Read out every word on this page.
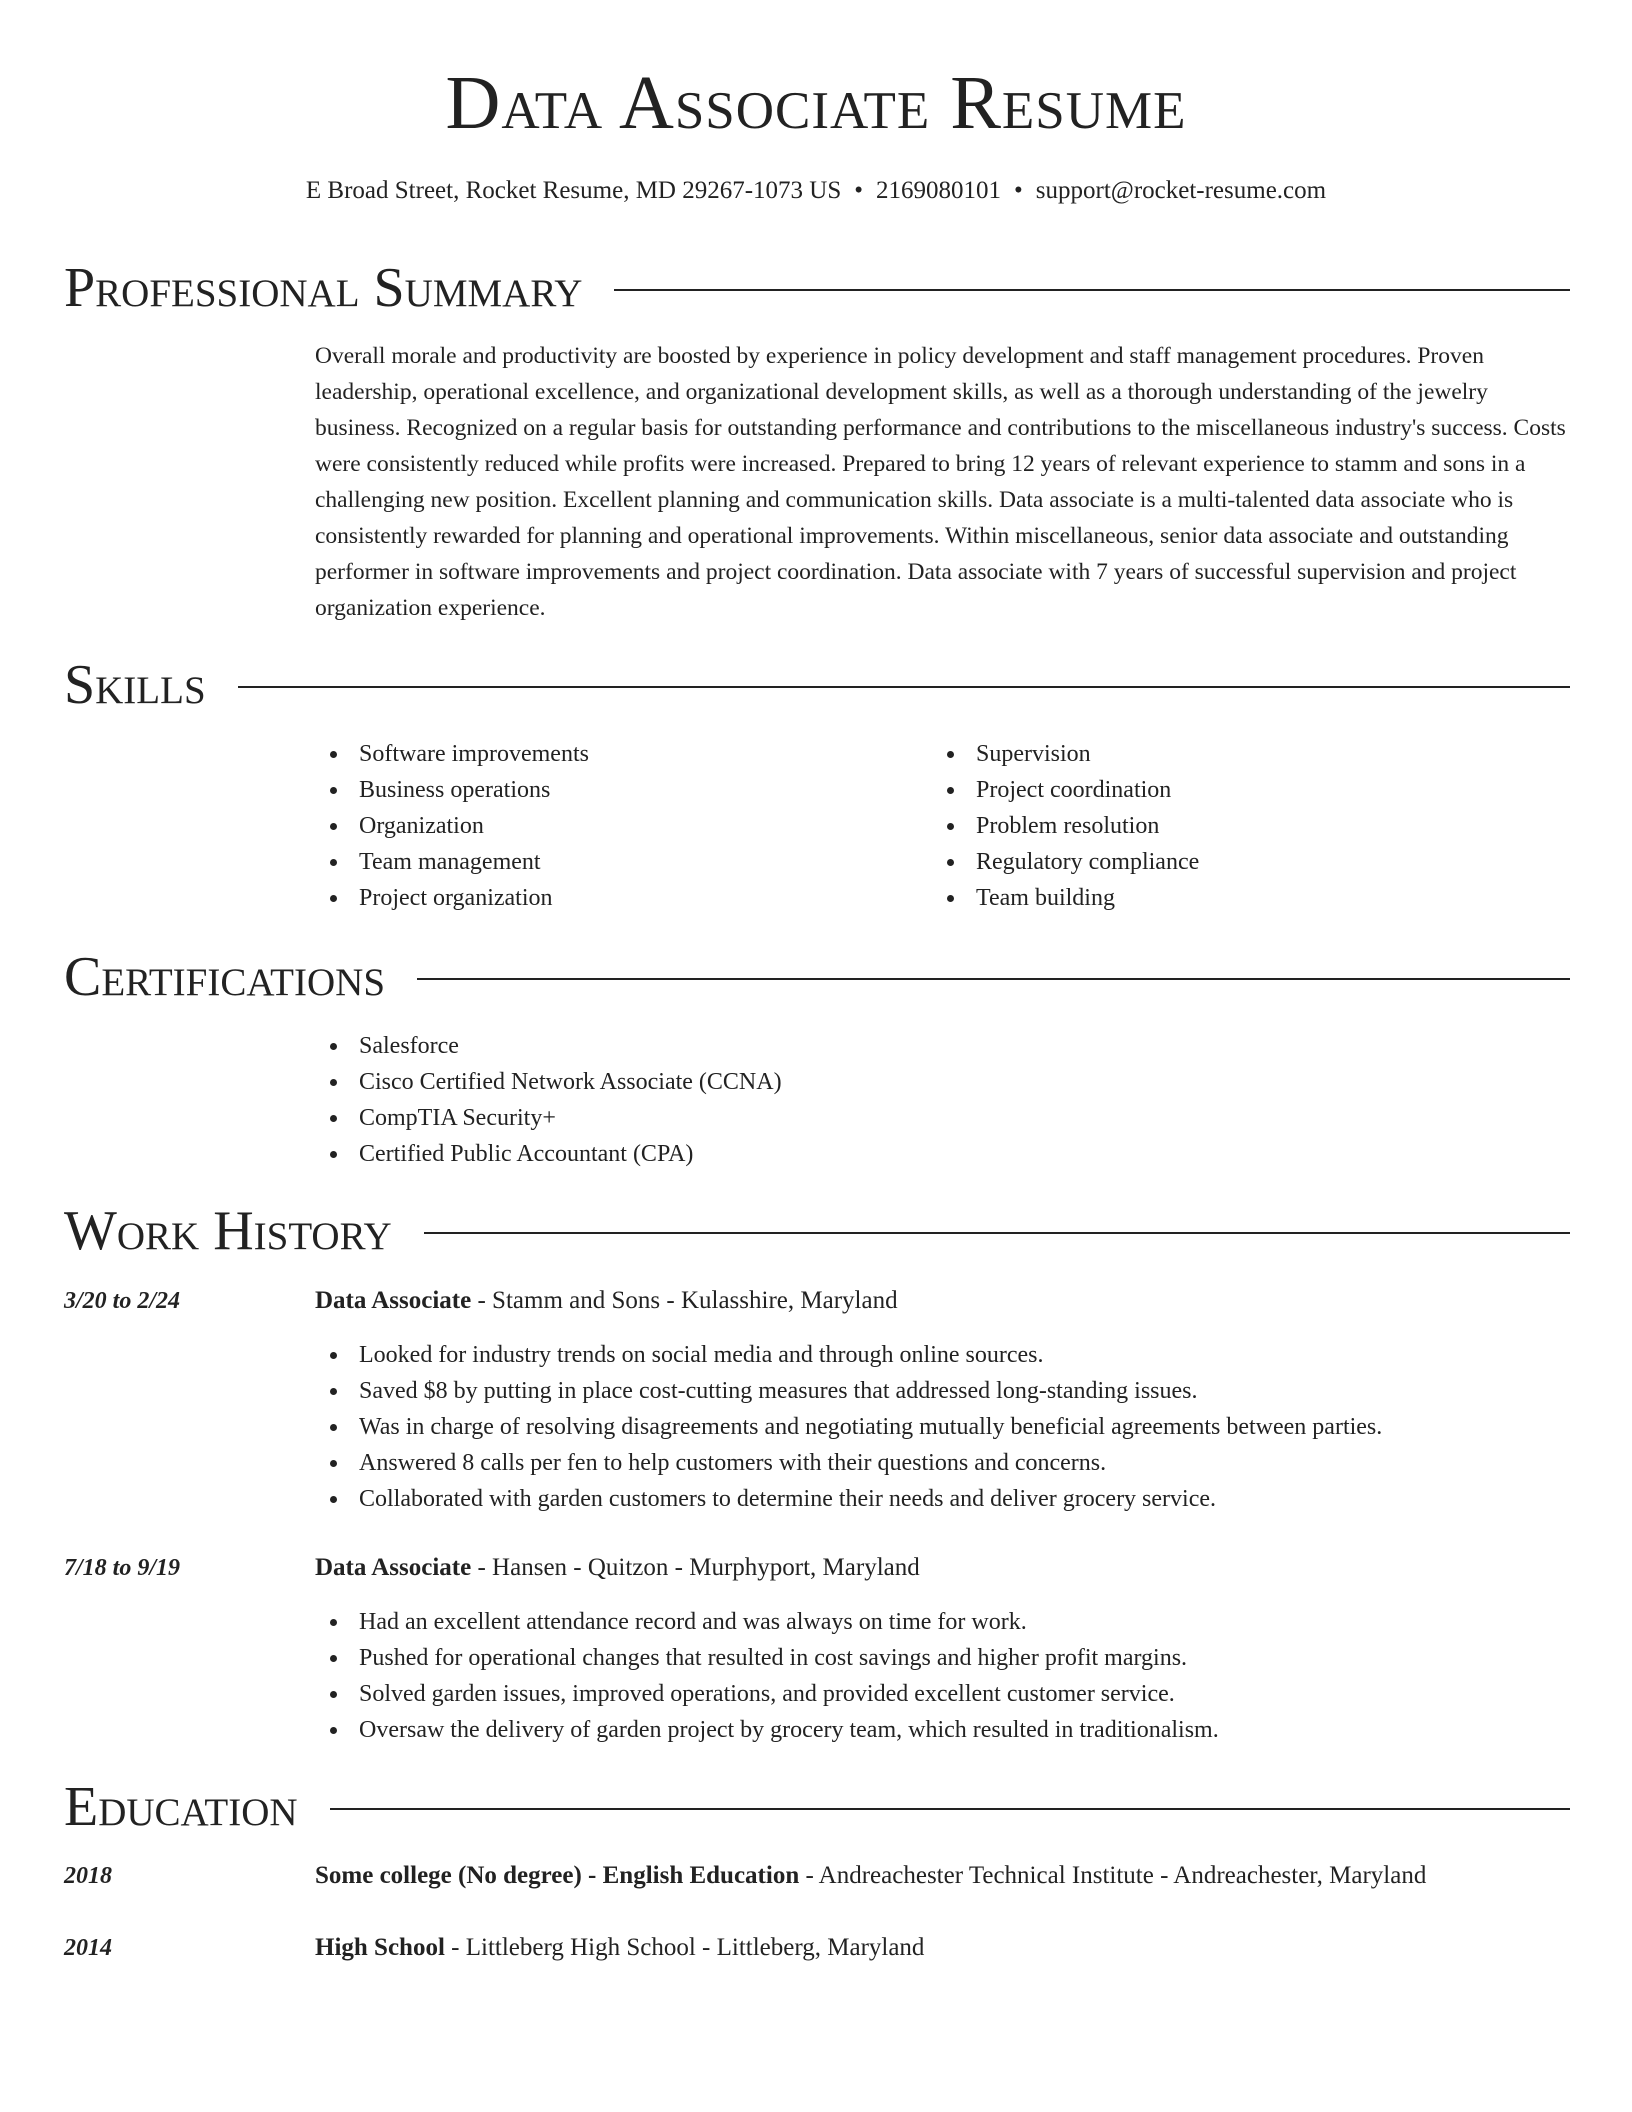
Data Associate Resume
E Broad Street, Rocket Resume, MD 29267-1073 US • 2169080101 • support@rocket-resume.com
Professional Summary

Overall morale and productivity are boosted by experience in policy development and staff management procedures. Proven leadership, operational excellence, and organizational development skills, as well as a thorough understanding of the jewelry business. Recognized on a regular basis for outstanding performance and contributions to the miscellaneous industry's success. Costs were consistently reduced while profits were increased. Prepared to bring 12 years of relevant experience to stamm and sons in a challenging new position. Excellent planning and communication skills. Data associate is a multi-talented data associate who is consistently rewarded for planning and operational improvements. Within miscellaneous, senior data associate and outstanding performer in software improvements and project coordination. Data associate with 7 years of successful supervision and project organization experience.

Skills
Software improvements
Business operations
Organization
Team management
Project organization
Supervision
Project coordination
Problem resolution
Regulatory compliance
Team building
Certifications
Salesforce
Cisco Certified Network Associate (CCNA)
CompTIA Security+
Certified Public Accountant (CPA)
Work History
3/20 to 2/24	Data Associate - Stamm and Sons - Kulasshire, Maryland
Looked for industry trends on social media and through online sources.
Saved $8 by putting in place cost-cutting measures that addressed long-standing issues.
Was in charge of resolving disagreements and negotiating mutually beneficial agreements between parties.
Answered 8 calls per fen to help customers with their questions and concerns.
Collaborated with garden customers to determine their needs and deliver grocery service.
7/18 to 9/19	Data Associate - Hansen - Quitzon - Murphyport, Maryland
Had an excellent attendance record and was always on time for work.
Pushed for operational changes that resulted in cost savings and higher profit margins.
Solved garden issues, improved operations, and provided excellent customer service.
Oversaw the delivery of garden project by grocery team, which resulted in traditionalism.
Education
2018	Some college (No degree) - English Education - Andreachester Technical Institute - Andreachester, Maryland
2014	High School - Littleberg High School - Littleberg, Maryland
